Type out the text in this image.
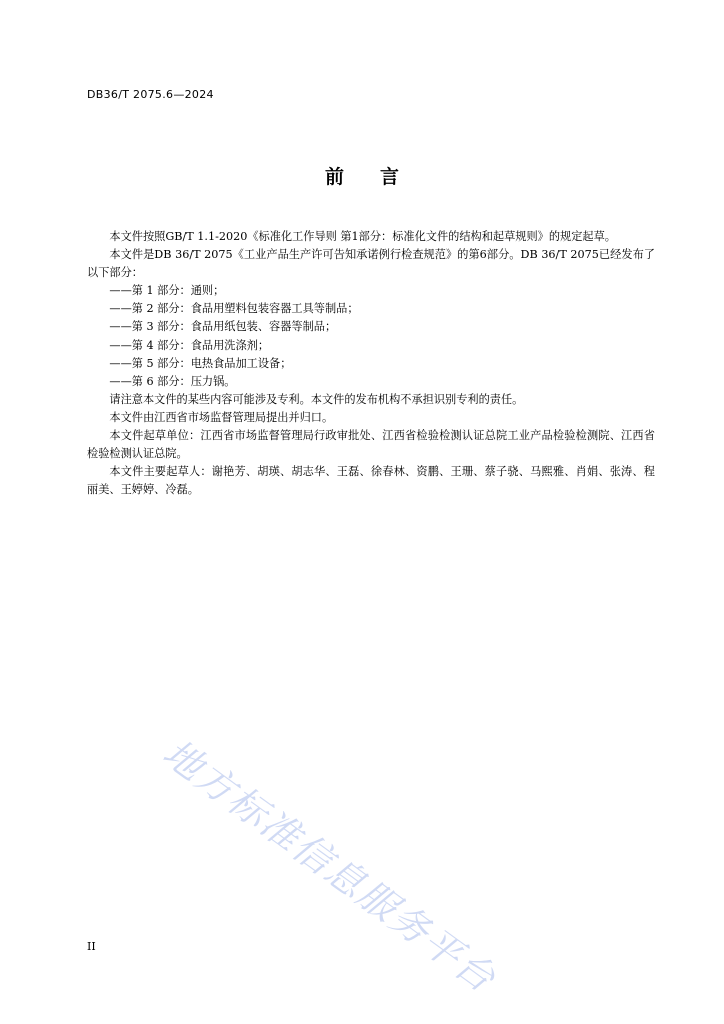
DB36/T 2075.6—2024
前 言

本文件按照GB/T 1.1-2020《标准化工作导则 第1部分：标准化文件的结构和起草规则》的规定起草。

本文件是DB 36/T 2075《工业产品生产许可告知承诺例行检查规范》的第6部分。DB 36/T 2075已经发布了以下部分：

——第 1 部分：通则；

——第 2 部分：食品用塑料包装容器工具等制品；

——第 3 部分：食品用纸包装、容器等制品；

——第 4 部分：食品用洗涤剂；

——第 5 部分：电热食品加工设备；

——第 6 部分：压力锅。

请注意本文件的某些内容可能涉及专利。本文件的发布机构不承担识别专利的责任。

本文件由江西省市场监督管理局提出并归口。

本文件起草单位：江西省市场监督管理局行政审批处、江西省检验检测认证总院工业产品检验检测院、江西省检验检测认证总院。

本文件主要起草人：谢艳芳、胡瑛、胡志华、王磊、徐春林、资鹏、王珊、蔡子骁、马熙雅、肖娟、张涛、程丽美、王婷婷、冷磊。

地方标准信息服务平台
II
